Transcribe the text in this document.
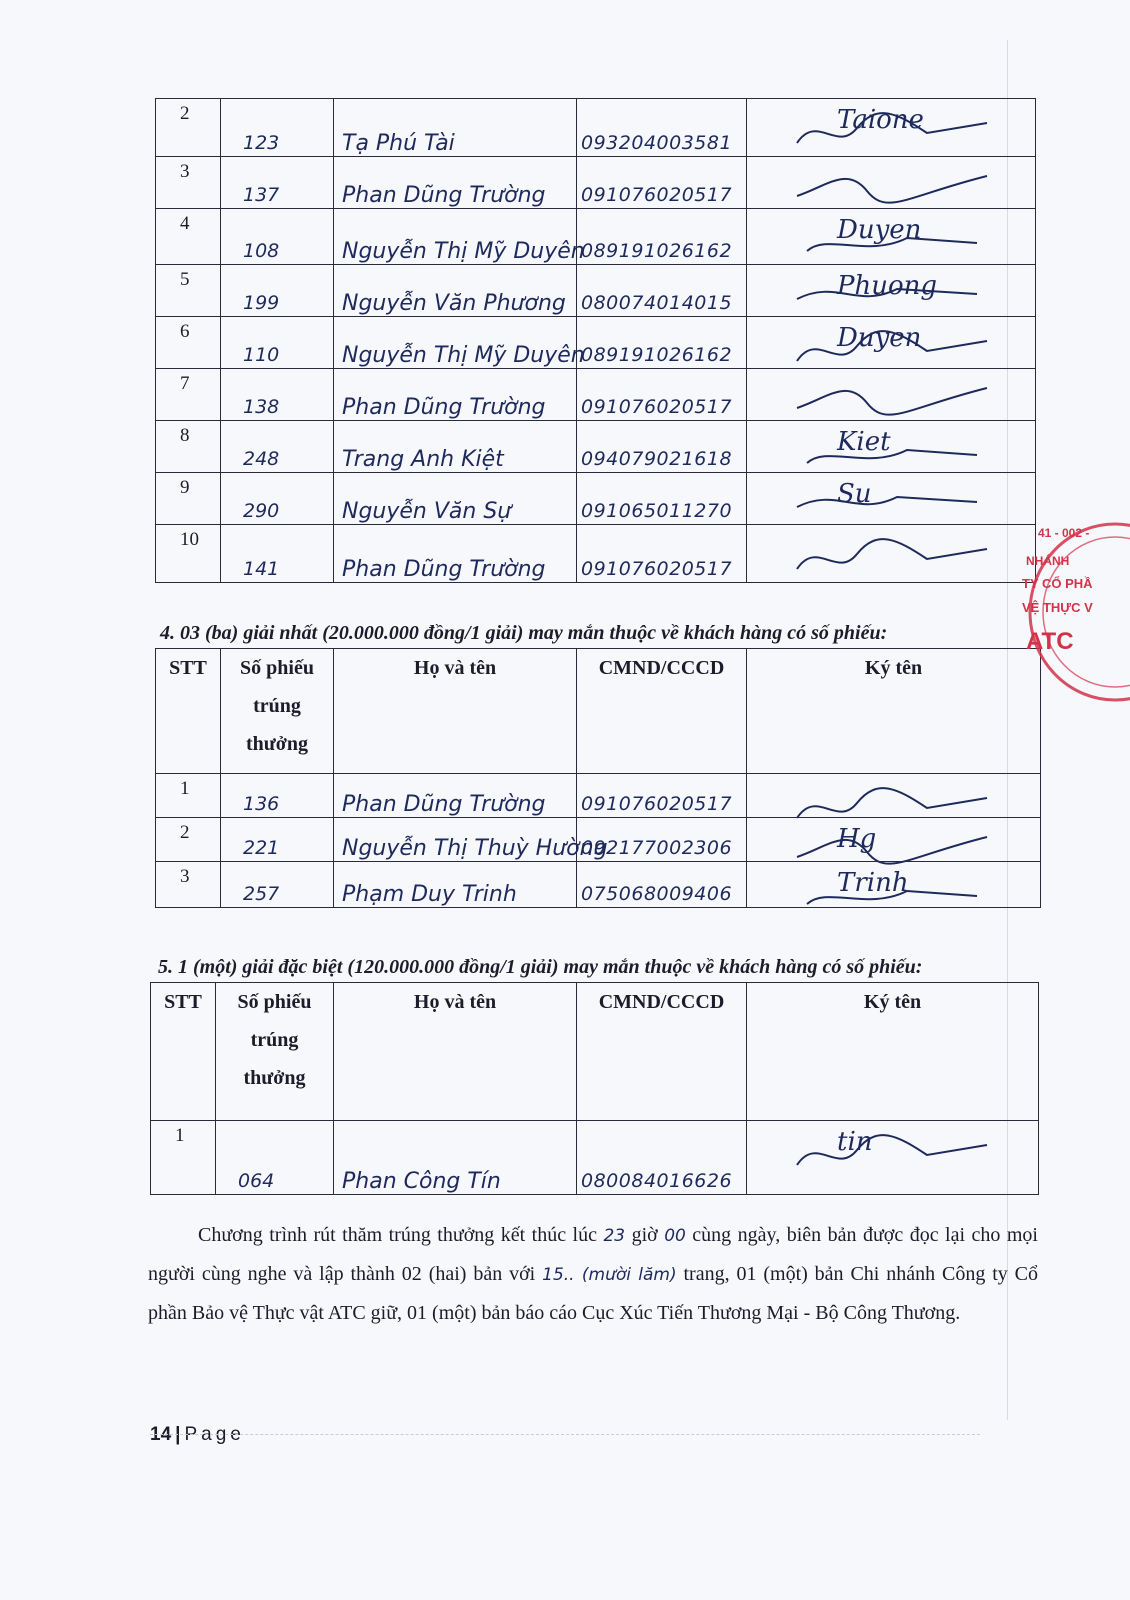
2	123	Tạ Phú Tài	093204003581	Taione

3	137	Phan Dũng Trường	091076020517

4	108	Nguyễn Thị Mỹ Duyên	089191026162	Duyen

5	199	Nguyễn Văn Phương	080074014015	Phuong

6	110	Nguyễn Thị Mỹ Duyên	089191026162	Duyen

7	138	Phan Dũng Trường	091076020517

8	248	Trang Anh Kiệt	094079021618	Kiet

9	290	Nguyễn Văn Sự	091065011270	Su

10	141	Phan Dũng Trường	091076020517

4. 03 (ba) giải nhất (20.000.000 đồng/1 giải) may mắn thuộc về khách hàng có số phiếu:
STT	Số phiếu
trúng
thưởng	Họ và tên	CMND/CCCD	Ký tên

1	136	Phan Dũng Trường	091076020517

2	221	Nguyễn Thị Thuỳ Hường	092177002306	Hg

3	257	Phạm Duy Trinh	075068009406	Trinh
5. 1 (một) giải đặc biệt (120.000.000 đồng/1 giải) may mắn thuộc về khách hàng có số phiếu:
STT	Số phiếu
trúng
thưởng	Họ và tên	CMND/CCCD	Ký tên

1	064	Phan Công Tín	080084016626	tin
Chương trình rút thăm trúng thưởng kết thúc lúc 23 giờ 00 cùng ngày, biên bản được đọc lại cho mọi người cùng nghe và lập thành 02 (hai) bản với 15.. (mười lăm) trang, 01 (một) bản Chi nhánh Công ty Cổ phần Bảo vệ Thực vật ATC giữ, 01 (một) bản báo cáo Cục Xúc Tiến Thương Mại - Bộ Công Thương.
14 | Page
41 - 002 -
NHÁNH
TY CỔ PHẦ
VỆ THỰC V
ATC
